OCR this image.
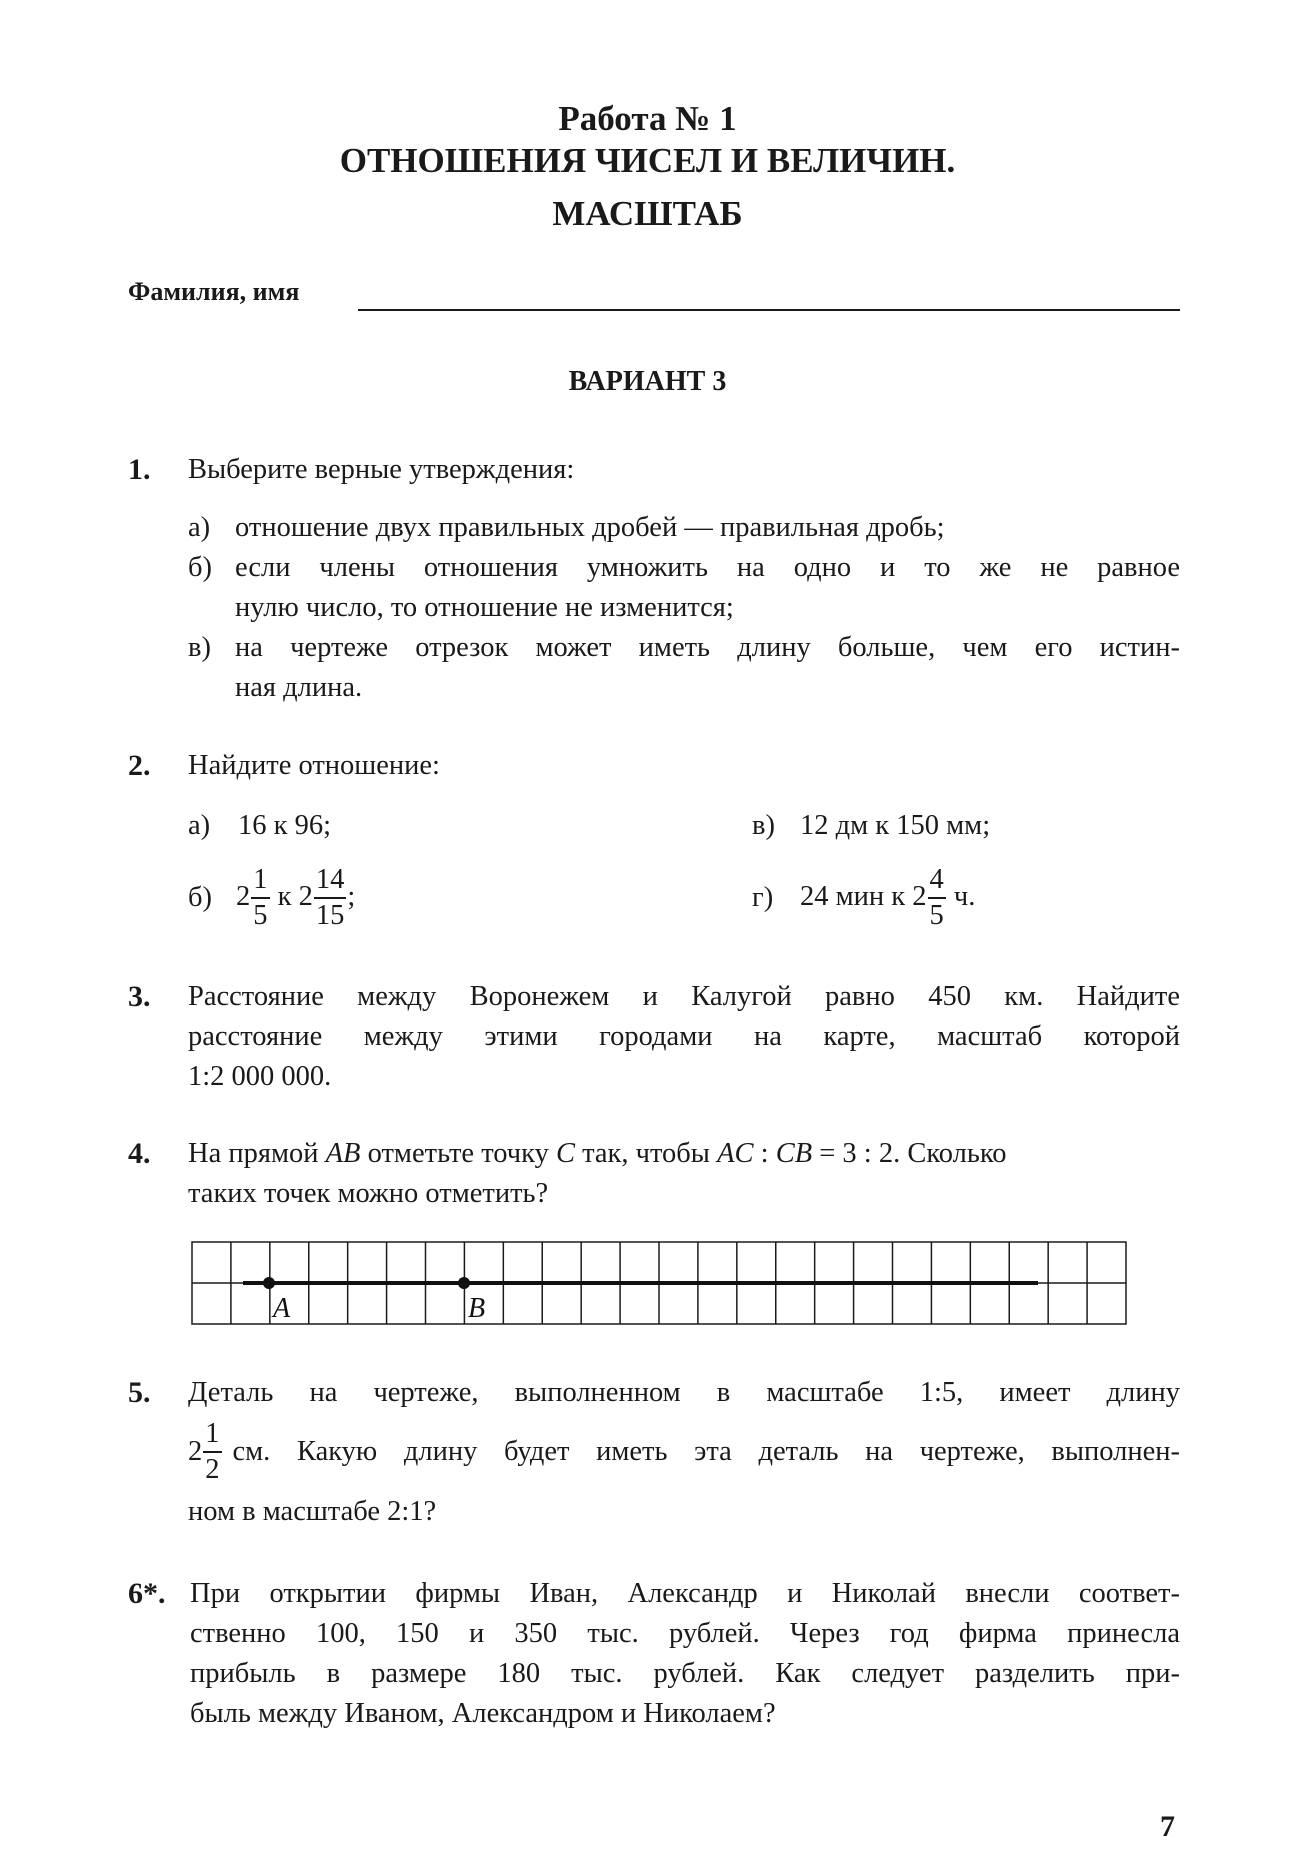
Работа № 1
ОТНОШЕНИЯ ЧИСЕЛ И ВЕЛИЧИН.
МАСШТАБ
Фамилия, имя
ВАРИАНТ 3
1. Выберите верные утверждения:
а) отношение двух правильных дробей — правильная дробь;
б) если члены отношения умножить на одно и то же не равное
нулю число, то отношение не изменится;
в) на чертеже отрезок может иметь длину больше, чем его истин-
ная длина.
2. Найдите отношение:
а) 16 к 96;	в) 12 дм к 150 мм;
б) $2 \frac{1}{5}$ к $2 \frac{14}{15}$ ;	г) 24 мин к $2 \frac{4}{5} ч$.
3. Расстояние между Воронежем и Калугой равно 450 км. Найдите
расстояние между этими городами на карте, масштаб которой
1:2 000 000.
4. На прямой AB отметьте точку C так, чтобы AC : CB = 3 : 2. Сколько
таких точек можно отметить?
A	B
5. Деталь на чертеже, выполненном в масштабе 1:5, имеет длину
$2 \frac{1}{2}$ см. Какую длину будет иметь эта деталь на чертеже, выполнен-
ном в масштабе 2:1?
6*. При открытии фирмы Иван, Александр и Николай внесли соответ-
ственно 100, 150 и 350 тыс. рублей. Через год фирма принесла
прибыль в размере 180 тыс. рублей. Как следует разделить при-
быль между Иваном, Александром и Николаем?
7
